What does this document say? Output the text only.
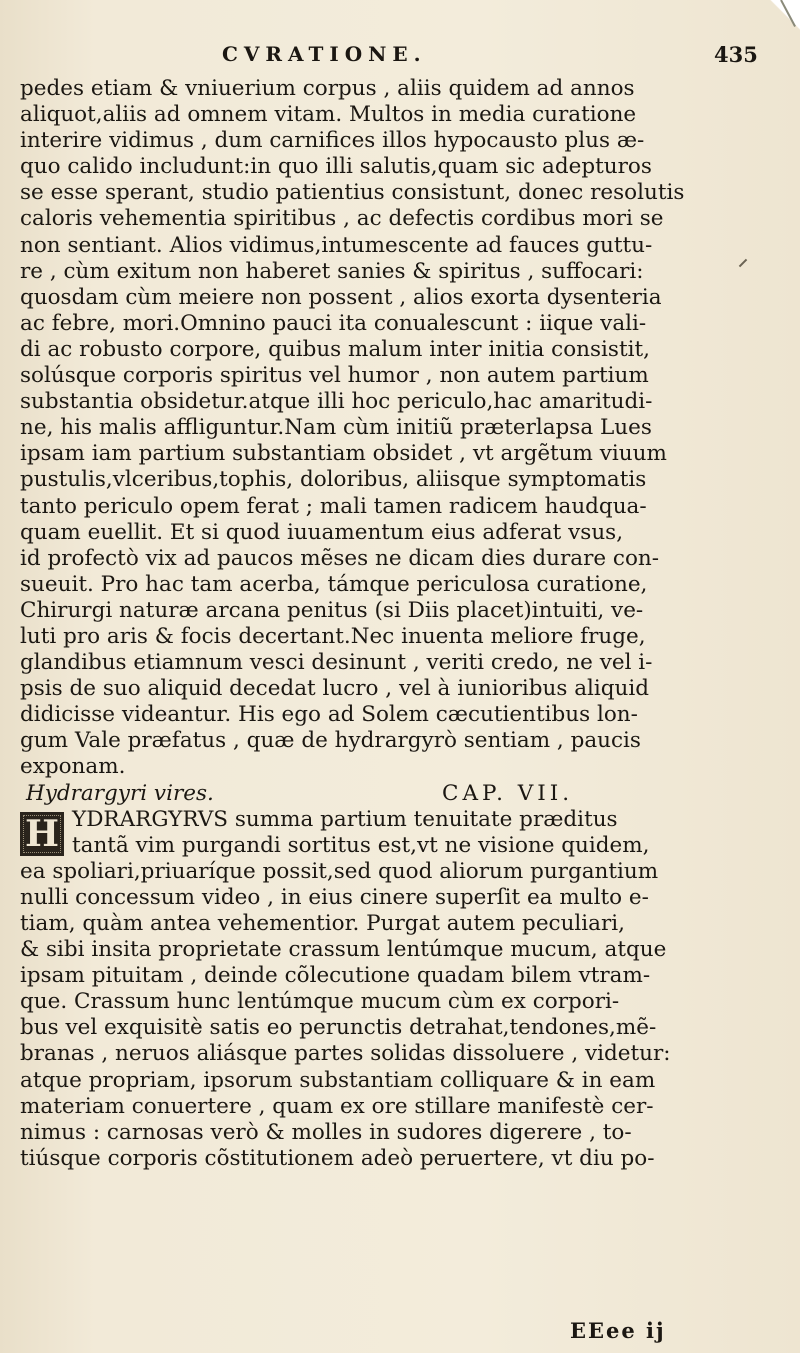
CVRATIONE.	435
pedes etiam & vniuerium corpus , aliis quidem ad annos
aliquot,aliis ad omnem vitam. Multos in media curatione
interire vidimus , dum carnifices illos hypocausto plus æ-
quo calido includunt:in quo illi salutis,quam sic adepturos
se esse sperant, studio patientius consistunt, donec resolutis
caloris vehementia spiritibus , ac defectis cordibus mori se
non sentiant. Alios vidimus,intumescente ad fauces guttu-
re , cùm exitum non haberet sanies & spiritus , suffocari:
quosdam cùm meiere non possent , alios exorta dysenteria
ac febre, mori.Omnino pauci ita conualescunt : iique vali-
di ac robusto corpore, quibus malum inter initia consistit,
solúsque corporis spiritus vel humor , non autem partium
substantia obsidetur.atque illi hoc periculo,hac amaritudi-
ne, his malis affliguntur.Nam cùm initiũ præterlapsa Lues
ipsam iam partium substantiam obsidet , vt argẽtum viuum
pustulis,vlceribus,tophis, doloribus, aliisque symptomatis
tanto periculo opem ferat ; mali tamen radicem haudqua-
quam euellit. Et si quod iuuamentum eius adferat vsus,
id profectò vix ad paucos mẽses ne dicam dies durare con-
sueuit. Pro hac tam acerba, támque periculosa curatione,
Chirurgi naturæ arcana penitus (si Diis placet)intuiti, ve-
luti pro aris & focis decertant.Nec inuenta meliore fruge,
glandibus etiamnum vesci desinunt , veriti credo, ne vel i-
psis de suo aliquid decedat lucro , vel à iunioribus aliquid
didicisse videantur. His ego ad Solem cæcutientibus lon-
gum Vale præfatus , quæ de hydrargyrò sentiam , paucis
exponam.
Hydrargyri vires.	CAP. VII.
H YDRARGYRVS summa partium tenuitate præditus
tantã vim purgandi sortitus est,vt ne visione quidem,
ea spoliari,priuaríque possit,sed quod aliorum purgantium
nulli concessum video , in eius cinere superſit ea multo e-
tiam, quàm antea vehementior. Purgat autem peculiari,
& sibi insita proprietate crassum lentúmque mucum, atque
ipsam pituitam , deinde cõlecutione quadam bilem vtram-
que. Crassum hunc lentúmque mucum cùm ex corpori-
bus vel exquisitè satis eo perunctis detrahat,tendones,mẽ-
branas , neruos aliásque partes solidas dissoluere , videtur:
atque propriam, ipsorum substantiam colliquare & in eam
materiam conuertere , quam ex ore stillare manifestè cer-
nimus : carnosas verò & molles in sudores digerere , to-
tiúsque corporis cõstitutionem adeò peruertere, vt diu po-
EEee ij
